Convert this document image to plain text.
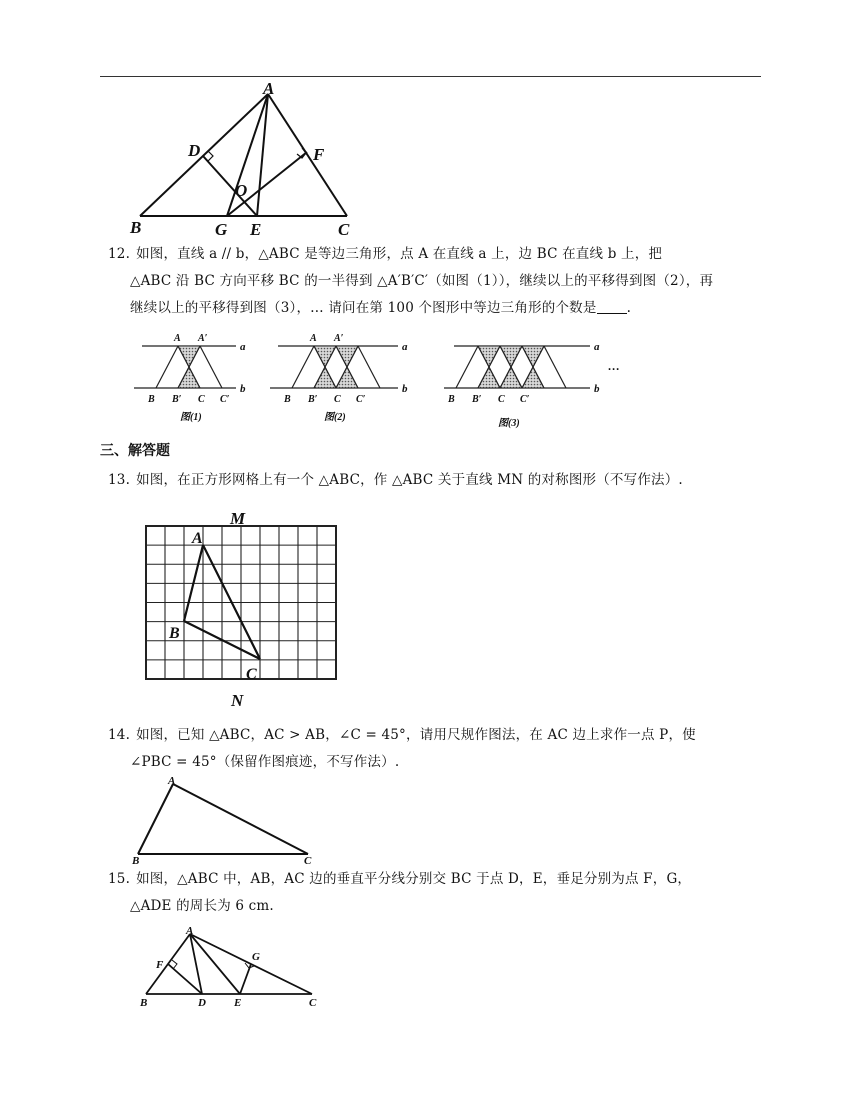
A
D	F
O
B	G E	C
12. 如图，直线 a // b，△ABC 是等边三角形，点 A 在直线 a 上，边 BC 在直线 b 上，把
△ABC 沿 BC 方向平移 BC 的一半得到 △A′B′C′（如图（1）），继续以上的平移得到图（2），再
继续以上的平移得到图（3），… 请问在第 100 个图形中等边三角形的个数是 .
a
b
A A′
B B′ C C′
图(1)
a
b
A A′
B B′ C C′
图(2)
a
b
…
B B′ C C′
图(3)
三、解答题
13. 如图，在正方形网格上有一个 △ABC，作 △ABC 关于直线 MN 的对称图形（不写作法）.
M
N
A
B
C
14. 如图，已知 △ABC，AC > AB，∠C = 45°，请用尺规作图法，在 AC 边上求作一点 P，使
∠PBC = 45°（保留作图痕迹，不写作法）.
A
B	C
15. 如图，△ABC 中，AB，AC 边的垂直平分线分别交 BC 于点 D，E，垂足分别为点 F，G，
△ADE 的周长为 6 cm.
A
F
G
B	D	E	C
